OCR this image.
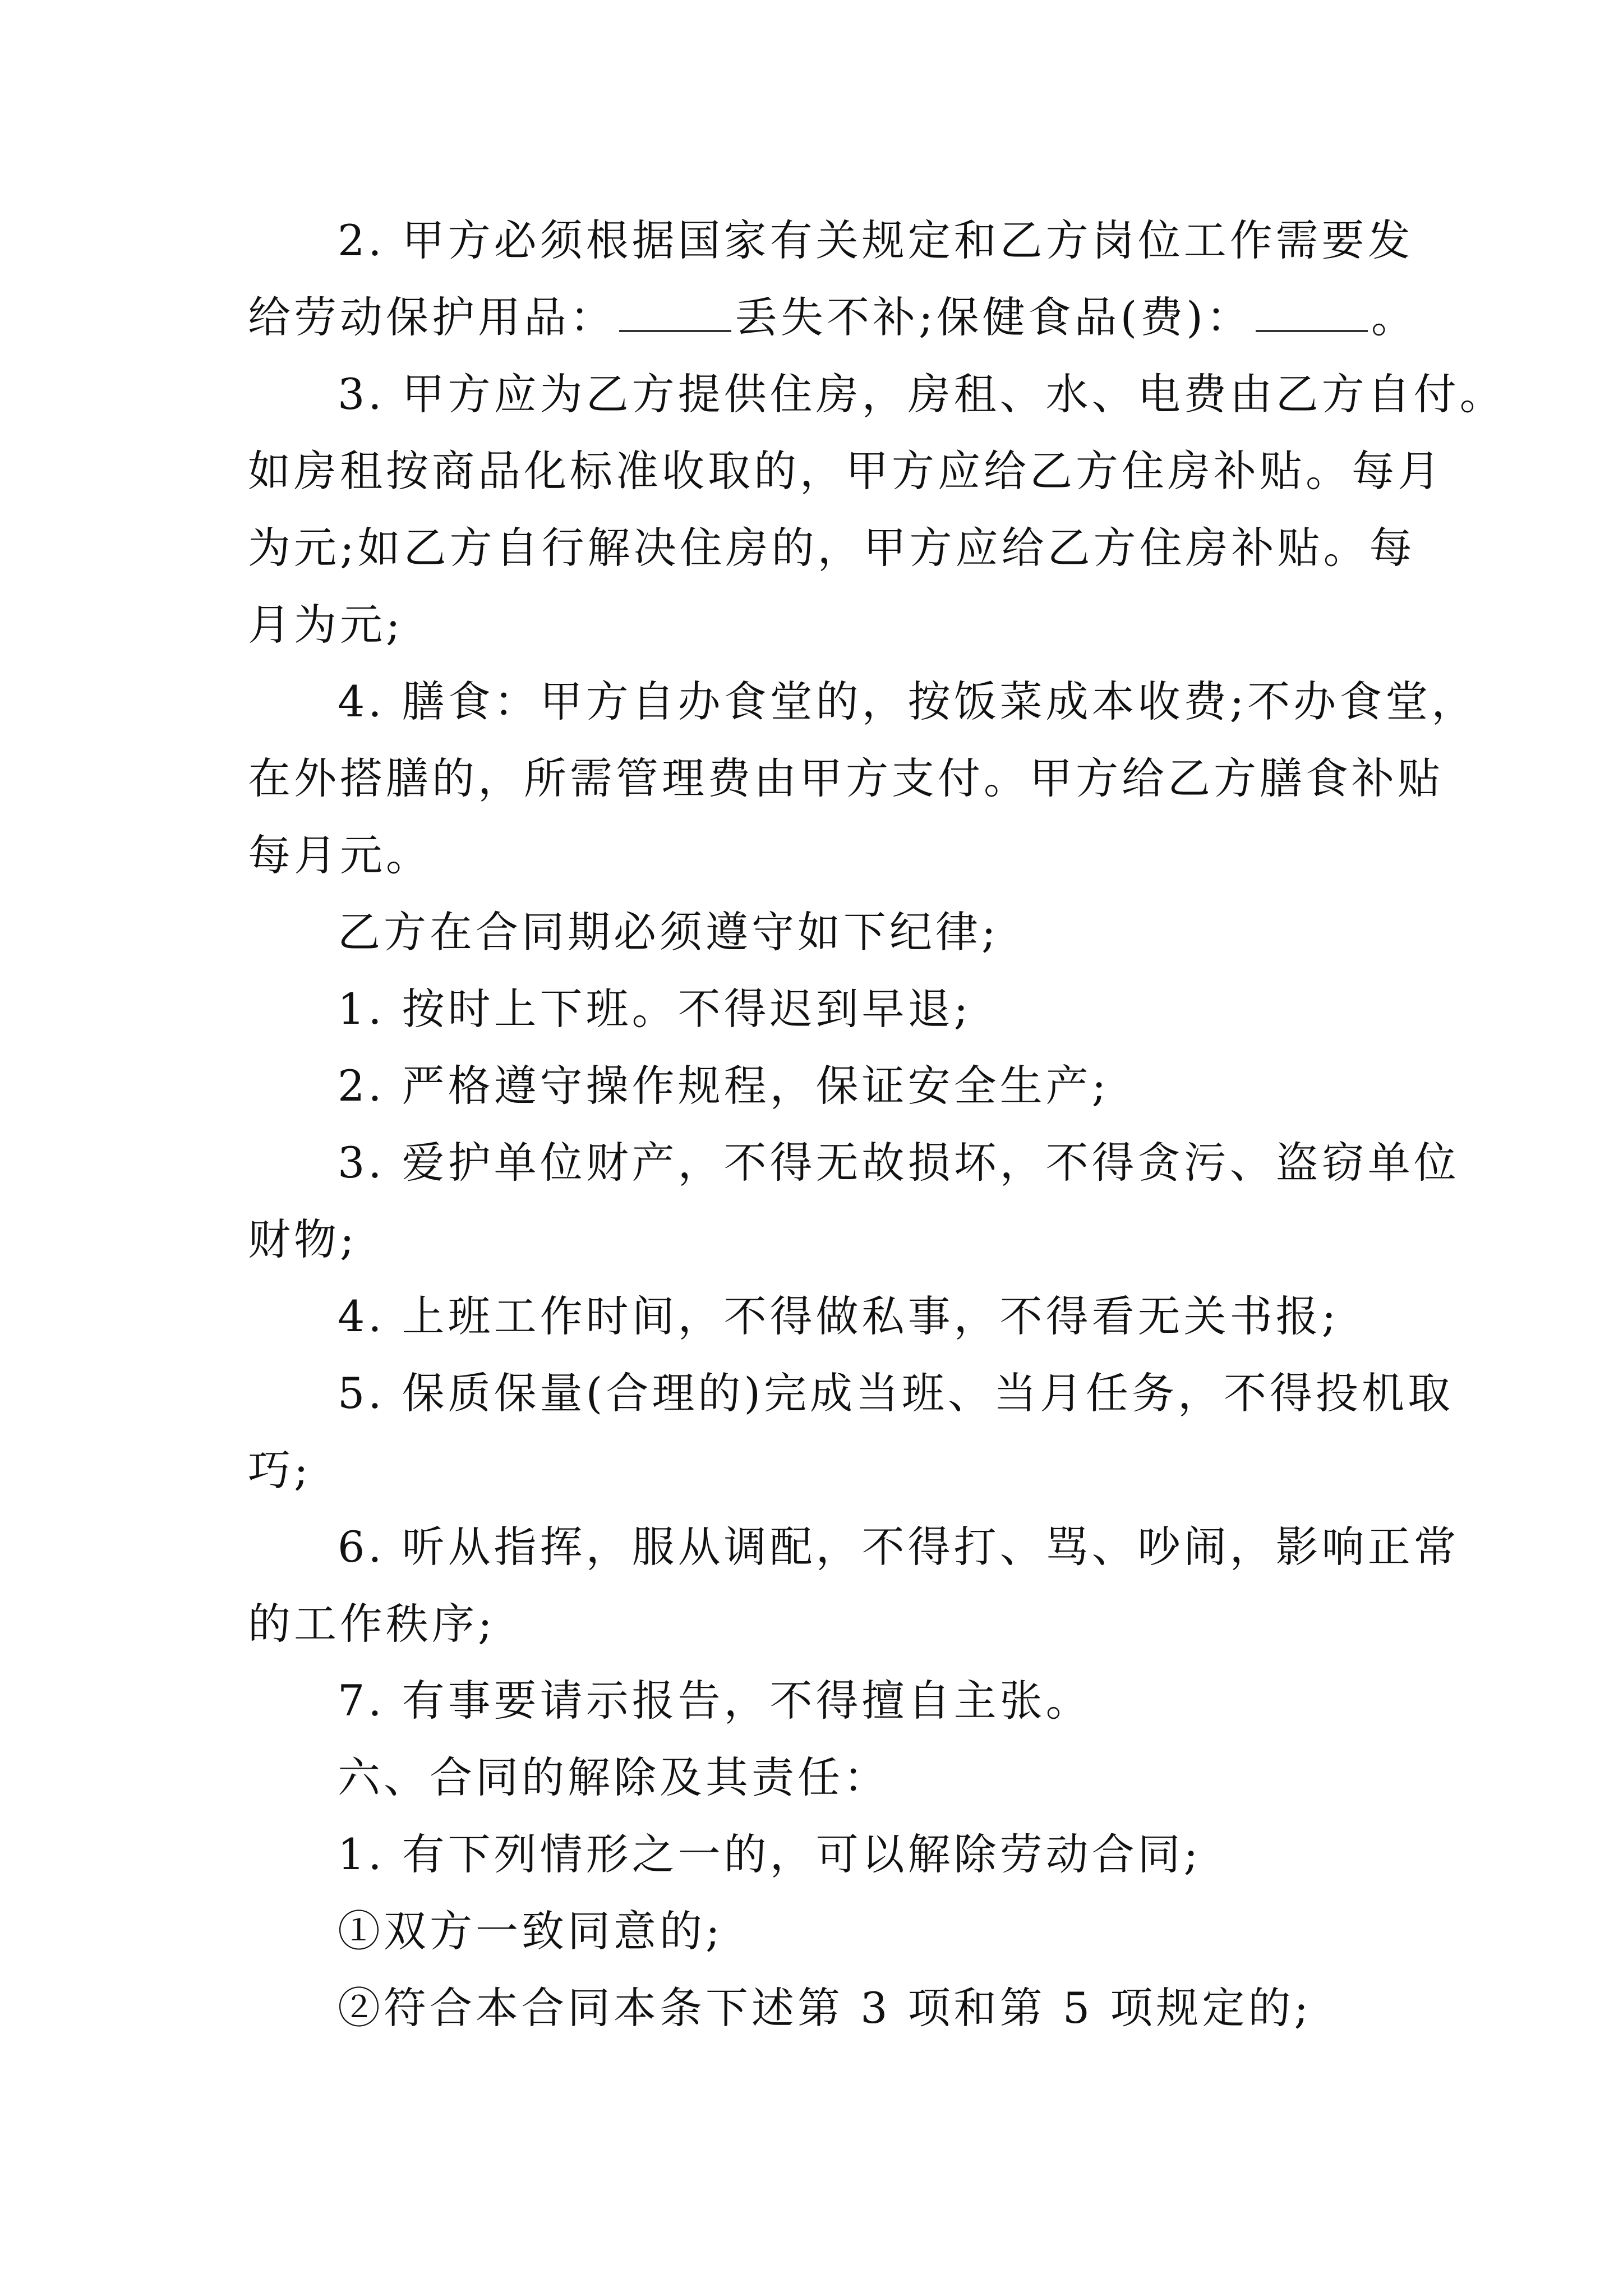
2. 甲方必须根据国家有关规定和乙方岗位工作需要发
给劳动保护用品：	丢失不补;保健食品(费)：	。
3. 甲方应为乙方提供住房，房租、水、电费由乙方自付。
如房租按商品化标准收取的，甲方应给乙方住房补贴。每月
为元;如乙方自行解决住房的，甲方应给乙方住房补贴。每
月为元;
4. 膳食：甲方自办食堂的，按饭菜成本收费;不办食堂，
在外搭膳的，所需管理费由甲方支付。甲方给乙方膳食补贴
每月元。
乙方在合同期必须遵守如下纪律;
1. 按时上下班。不得迟到早退;
2. 严格遵守操作规程，保证安全生产;
3. 爱护单位财产，不得无故损坏，不得贪污、盗窃单位
财物;
4. 上班工作时间，不得做私事，不得看无关书报;
5. 保质保量(合理的)完成当班、当月任务，不得投机取
巧;
6. 听从指挥，服从调配，不得打、骂、吵闹，影响正常
的工作秩序;
7. 有事要请示报告，不得擅自主张。
六、合同的解除及其责任：
1. 有下列情形之一的，可以解除劳动合同;
①双方一致同意的;
②符合本合同本条下述第 3 项和第 5 项规定的;
